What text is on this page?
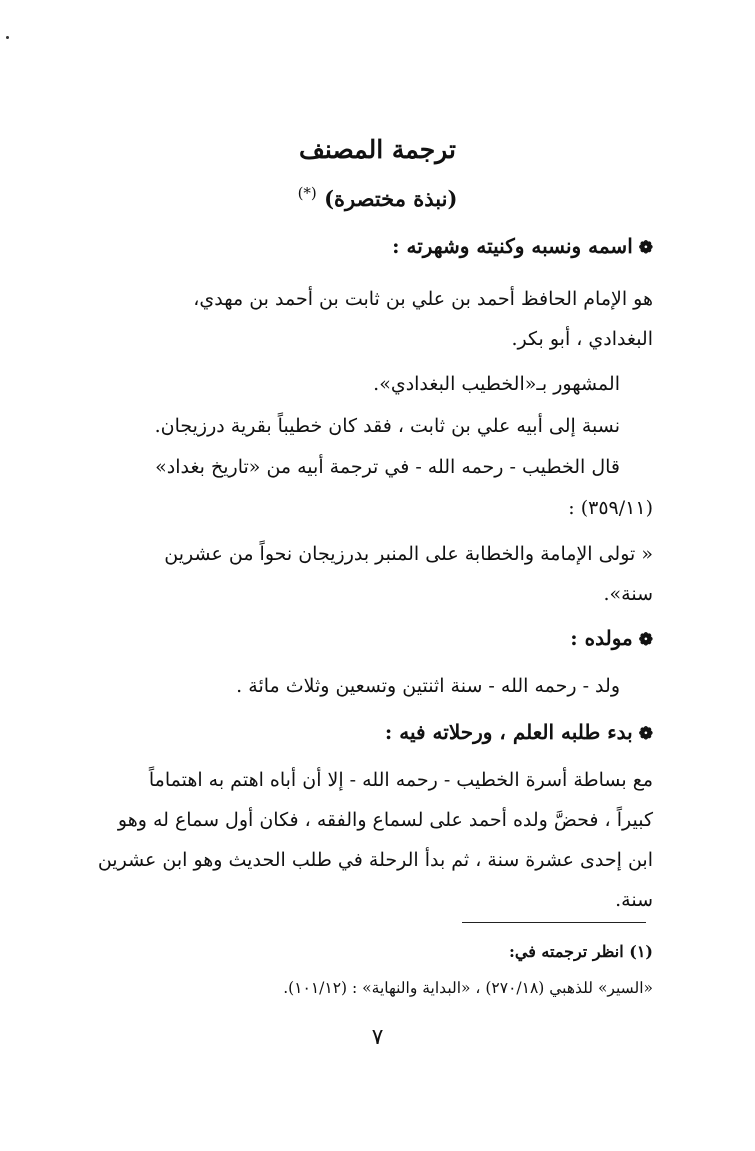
ترجمة المصنف
(نبذة مختصرة) (*)
❁اسمه ونسبه وكنيته وشهرته :
هو الإمام الحافظ أحمد بن علي بن ثابت بن أحمد بن مهدي،
البغدادي ، أبو بكر.
المشهور بـ«الخطيب البغدادي».
نسبة إلى أبيه علي بن ثابت ، فقد كان خطيباً بقرية درزيجان.
قال الخطيب - رحمه الله - في ترجمة أبيه من «تاريخ بغداد»
(٣٥٩/١١) :
« تولى الإمامة والخطابة على المنبر بدرزيجان نحواً من عشرين
سنة».
❁مولده :
ولد - رحمه الله - سنة اثنتين وتسعين وثلاث مائة .
❁بدء طلبه العلم ، ورحلاته فيه :
مع بساطة أسرة الخطيب - رحمه الله - إلا أن أباه اهتم به اهتماماً
كبيراً ، فحضَّ ولده أحمد على لسماع والفقه ، فكان أول سماع له وهو
ابن إحدى عشرة سنة ، ثم بدأ الرحلة في طلب الحديث وهو ابن عشرين
سنة.
(١) انظر ترجمته في:
«السير» للذهبي (٢٧٠/١٨) ، «البداية والنهاية» : (١٠١/١٢).
٧
